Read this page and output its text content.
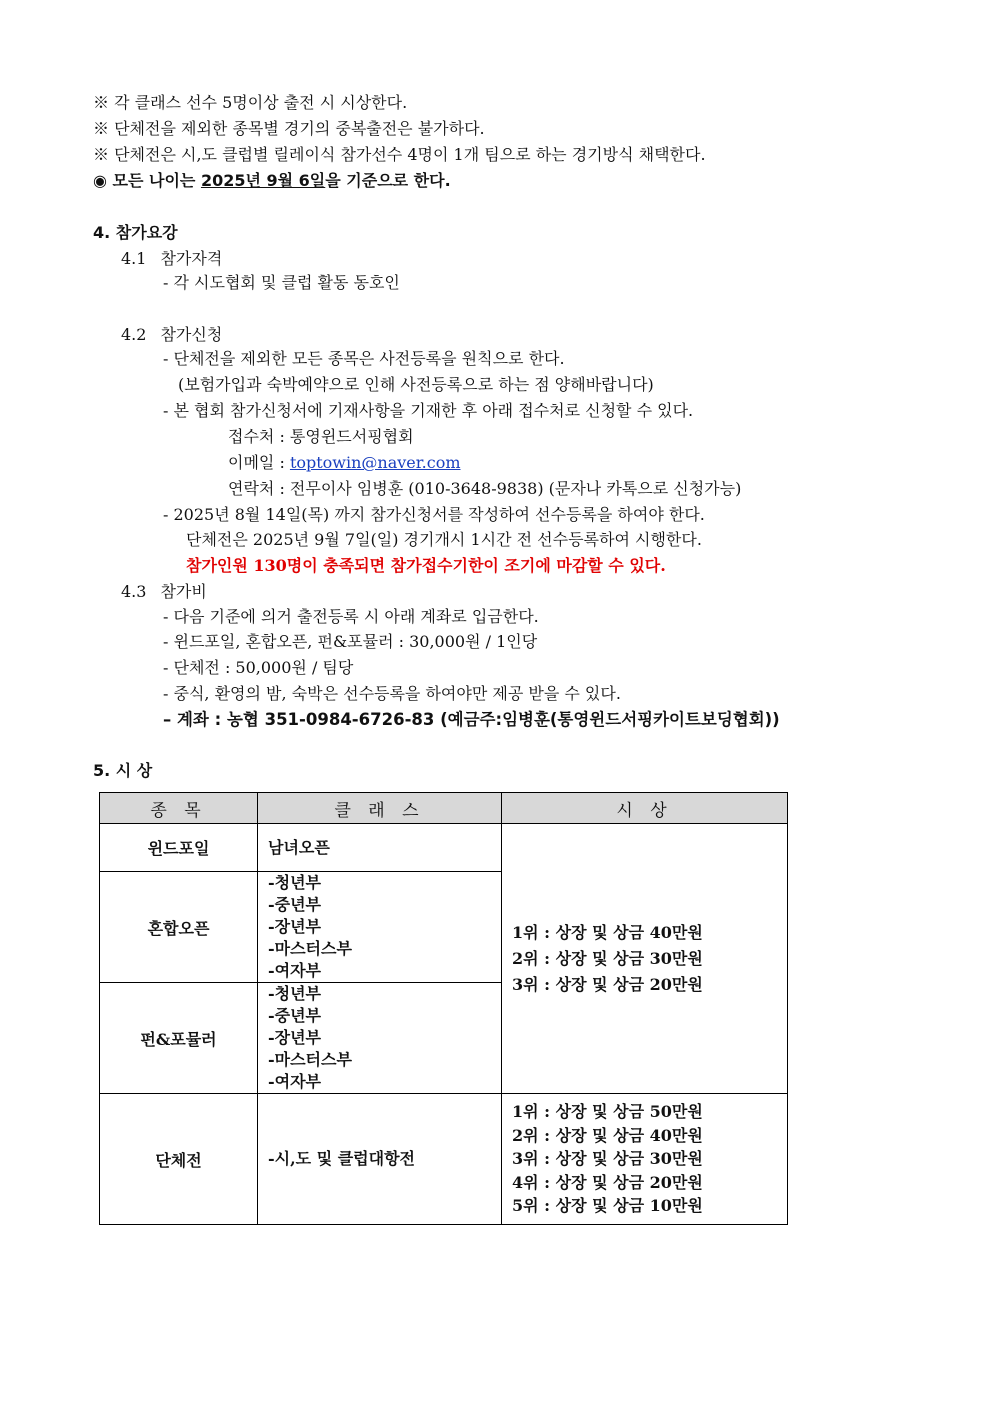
※ 각 클래스 선수 5명이상 출전 시 시상한다.
※ 단체전을 제외한 종목별 경기의 중복출전은 불가하다.
※ 단체전은 시,도 클럽별 릴레이식 참가선수 4명이 1개 팀으로 하는 경기방식 채택한다.
◉ 모든 나이는 2025년 9월 6일을 기준으로 한다.
4. 참가요강
4.1 참가자격
- 각 시도협회 및 클럽 활동 동호인
4.2 참가신청
- 단체전을 제외한 모든 종목은 사전등록을 원칙으로 한다.
(보험가입과 숙박예약으로 인해 사전등록으로 하는 점 양해바랍니다)
- 본 협회 참가신청서에 기재사항을 기재한 후 아래 접수처로 신청할 수 있다.
접수처 : 통영윈드서핑협회
이메일 : toptowin@naver.com
연락처 : 전무이사 임병훈 (010-3648-9838) (문자나 카톡으로 신청가능)
- 2025년 8월 14일(목) 까지 참가신청서를 작성하여 선수등록을 하여야 한다.
단체전은 2025년 9월 7일(일) 경기개시 1시간 전 선수등록하여 시행한다.
참가인원 130명이 충족되면 참가접수기한이 조기에 마감할 수 있다.
4.3 참가비
- 다음 기준에 의거 출전등록 시 아래 계좌로 입금한다.
- 윈드포일, 혼합오픈, 펀&포뮬러 : 30,000원 / 1인당
- 단체전 : 50,000원 / 팀당
- 중식, 환영의 밤, 숙박은 선수등록을 하여야만 제공 받을 수 있다.
– 계좌 : 농협 351-0984-6726-83 (예금주:임병훈(통영윈드서핑카이트보딩협회))
5. 시 상
종 목	클 래 스	시 상
윈드포일	남녀오픈	1위 : 상장 및 상금 40만원
2위 : 상장 및 상금 30만원
3위 : 상장 및 상금 20만원

혼합오픈	-청년부
-중년부
-장년부
-마스터스부
-여자부	

펀&포뮬러	-청년부
-중년부
-장년부
-마스터스부
-여자부	

단체전	-시,도 및 클럽대항전	1위 : 상장 및 상금 50만원
2위 : 상장 및 상금 40만원
3위 : 상장 및 상금 30만원
4위 : 상장 및 상금 20만원
5위 : 상장 및 상금 10만원
